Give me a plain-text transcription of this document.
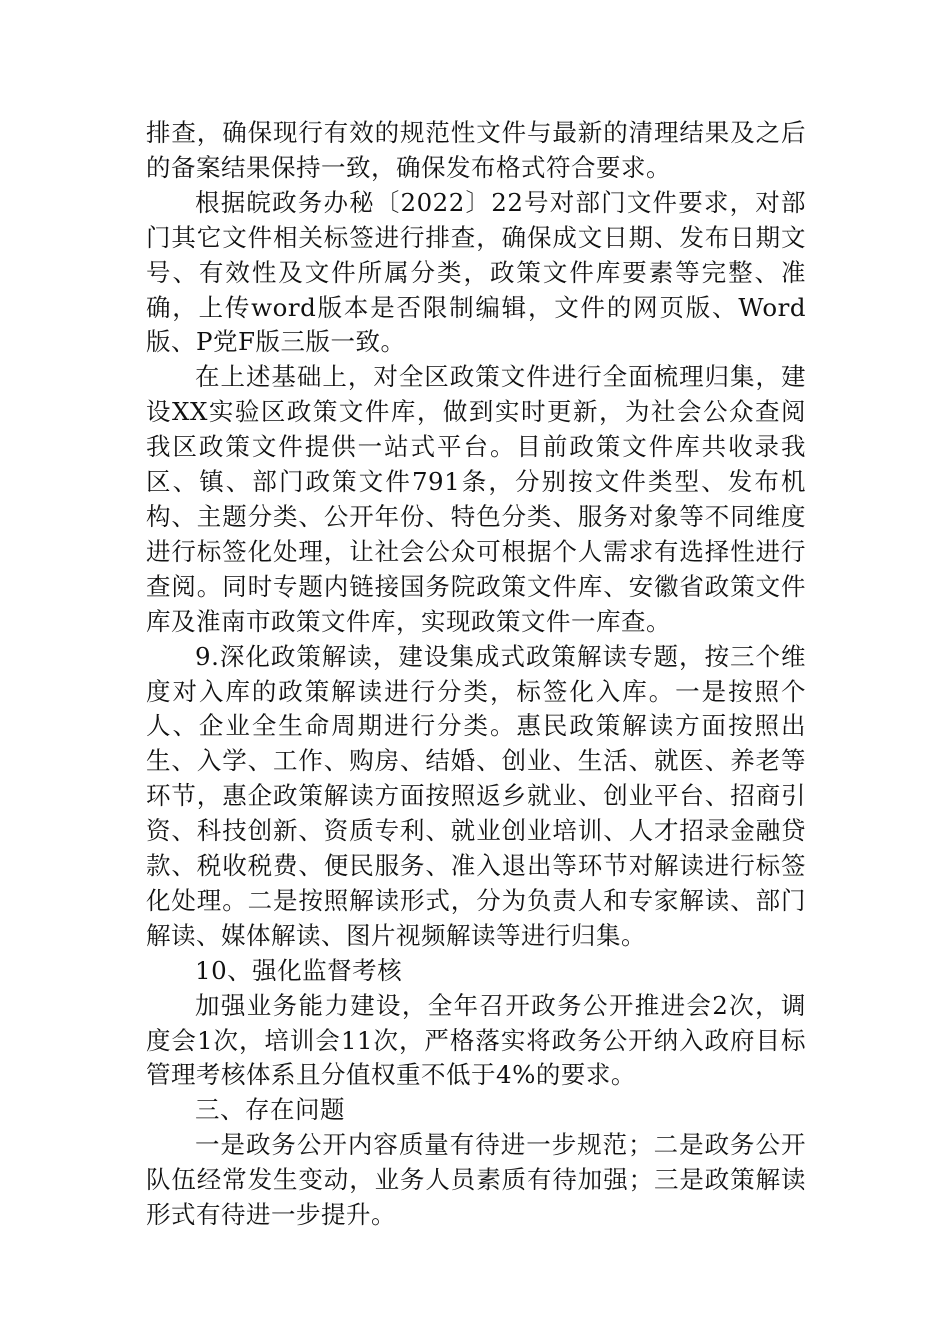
排查，确保现行有效的规范性文件与最新的清理结果及之后的备案结果保持一致，确保发布格式符合要求。

根据皖政务办秘〔2022〕22号对部门文件要求，对部门其它文件相关标签进行排查，确保成文日期、发布日期文号、有效性及文件所属分类，政策文件库要素等完整、准确，上传word版本是否限制编辑，文件的网页版、Word版、P党F版三版一致。

在上述基础上，对全区政策文件进行全面梳理归集，建设XX实验区政策文件库，做到实时更新，为社会公众查阅我区政策文件提供一站式平台。目前政策文件库共收录我区、镇、部门政策文件791条，分别按文件类型、发布机构、主题分类、公开年份、特色分类、服务对象等不同维度进行标签化处理，让社会公众可根据个人需求有选择性进行查阅。同时专题内链接国务院政策文件库、安徽省政策文件库及淮南市政策文件库，实现政策文件一库查。

9.深化政策解读，建设集成式政策解读专题，按三个维度对入库的政策解读进行分类，标签化入库。一是按照个人、企业全生命周期进行分类。惠民政策解读方面按照出生、入学、工作、购房、结婚、创业、生活、就医、养老等环节，惠企政策解读方面按照返乡就业、创业平台、招商引资、科技创新、资质专利、就业创业培训、人才招录金融贷款、税收税费、便民服务、准入退出等环节对解读进行标签化处理。二是按照解读形式，分为负责人和专家解读、部门解读、媒体解读、图片视频解读等进行归集。

10、强化监督考核

加强业务能力建设，全年召开政务公开推进会2次，调度会1次，培训会11次，严格落实将政务公开纳入政府目标管理考核体系且分值权重不低于4%的要求。

三、存在问题

一是政务公开内容质量有待进一步规范；二是政务公开队伍经常发生变动，业务人员素质有待加强；三是政策解读形式有待进一步提升。
